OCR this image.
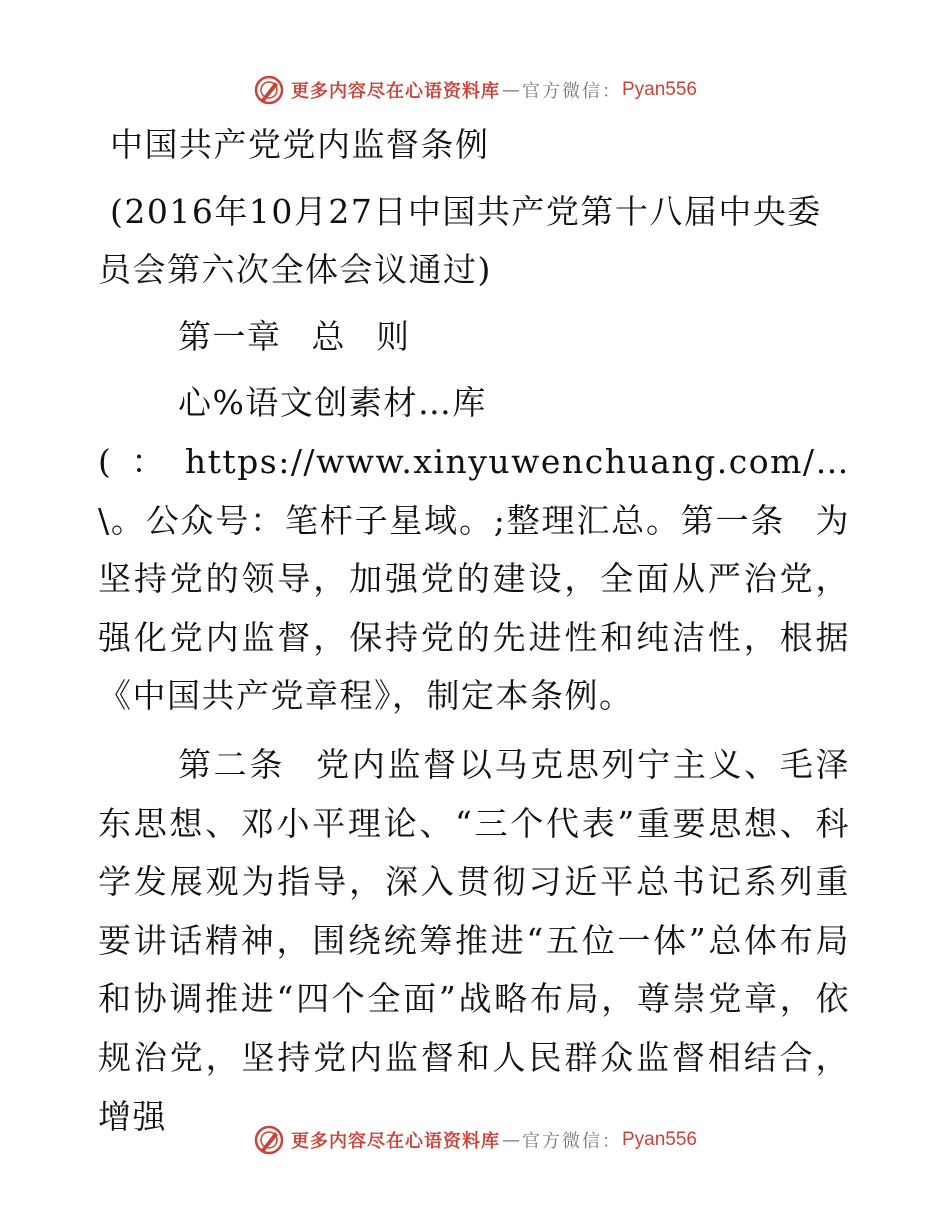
更多内容尽在心语资料库 — 官方微信： Pyan556

中国共产党党内监督条例

(2016年10月27日中国共产党第十八届中央委员会第六次全体会议通过)

第一章 总 则

心%语文创素材…库

(：https://www.xinyuwenchuang.com/…\。公众号：笔杆子星域。;整理汇总。第一条 为坚持党的领导，加强党的建设，全面从严治党，强化党内监督，保持党的先进性和纯洁性，根据《中国共产党章程》，制定本条例。

第二条 党内监督以马克思列宁主义、毛泽东思想、邓小平理论、“三个代表”重要思想、科学发展观为指导，深入贯彻习近平总书记系列重要讲话精神，围绕统筹推进“五位一体”总体布局和协调推进“四个全面”战略布局，尊崇党章，依规治党，坚持党内监督和人民群众监督相结合，增强

更多内容尽在心语资料库 — 官方微信： Pyan556
